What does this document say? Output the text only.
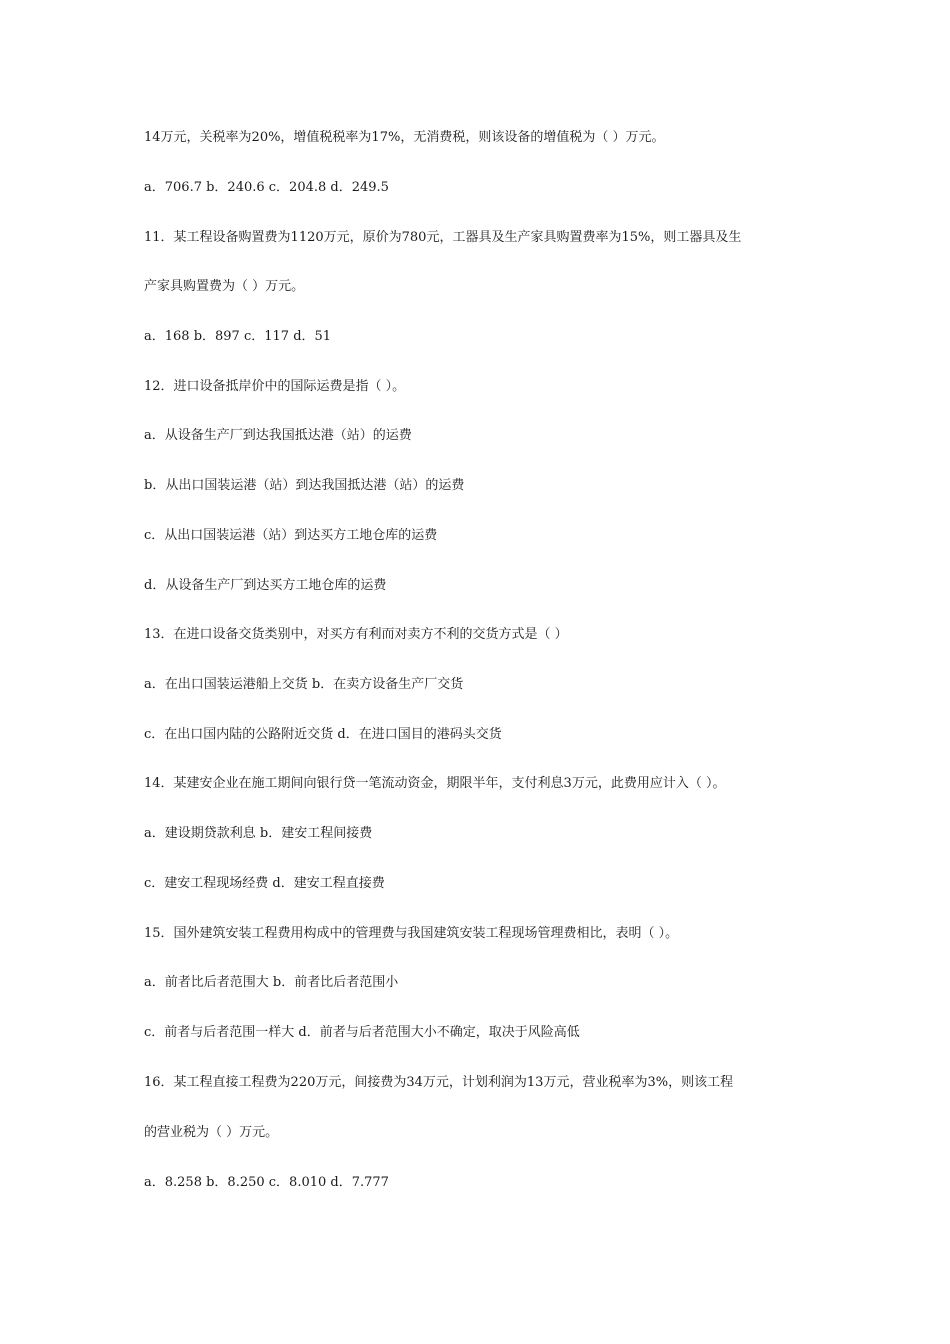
14万元，关税率为20%，增值税税率为17%，无消费税，则该设备的增值税为（ ）万元。
a．706.7 b．240.6 c．204.8 d．249.5
11．某工程设备购置费为1120万元，原价为780元，工器具及生产家具购置费率为15%，则工器具及生
产家具购置费为（ ）万元。
a．168 b．897 c．117 d．51
12．进口设备抵岸价中的国际运费是指（ ）。
a．从设备生产厂到达我国抵达港（站）的运费
b．从出口国装运港（站）到达我国抵达港（站）的运费
c．从出口国装运港（站）到达买方工地仓库的运费
d．从设备生产厂到达买方工地仓库的运费
13．在进口设备交货类别中，对买方有利而对卖方不利的交货方式是（ ）
a．在出口国装运港船上交货 b．在卖方设备生产厂交货
c．在出口国内陆的公路附近交货 d．在进口国目的港码头交货
14．某建安企业在施工期间向银行贷一笔流动资金，期限半年，支付利息3万元，此费用应计入（ ）。
a．建设期贷款利息 b．建安工程间接费
c．建安工程现场经费 d．建安工程直接费
15．国外建筑安装工程费用构成中的管理费与我国建筑安装工程现场管理费相比，表明（ ）。
a．前者比后者范围大 b．前者比后者范围小
c．前者与后者范围一样大 d．前者与后者范围大小不确定，取决于风险高低
16．某工程直接工程费为220万元，间接费为34万元，计划利润为13万元，营业税率为3%，则该工程
的营业税为（ ）万元。
a．8.258 b．8.250 c．8.010 d．7.777
